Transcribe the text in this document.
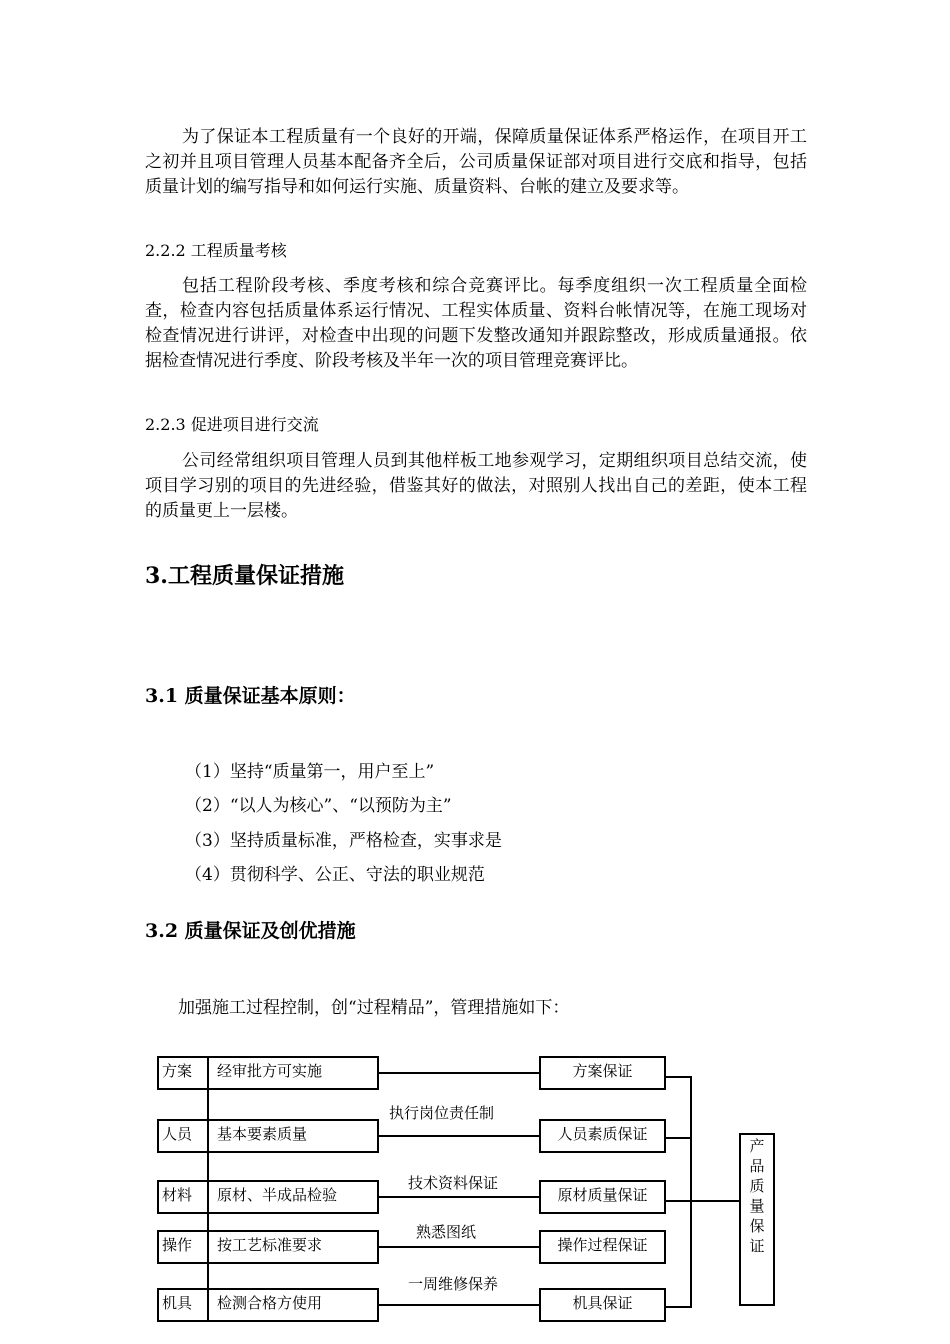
为了保证本工程质量有一个良好的开端，保障质量保证体系严格运作，在项目开工之初并且项目管理人员基本配备齐全后，公司质量保证部对项目进行交底和指导，包括质量计划的编写指导和如何运行实施、质量资料、台帐的建立及要求等。

2.2.2 工程质量考核

包括工程阶段考核、季度考核和综合竞赛评比。每季度组织一次工程质量全面检查，检查内容包括质量体系运行情况、工程实体质量、资料台帐情况等，在施工现场对检查情况进行讲评，对检查中出现的问题下发整改通知并跟踪整改，形成质量通报。依据检查情况进行季度、阶段考核及半年一次的项目管理竞赛评比。

2.2.3 促进项目进行交流

公司经常组织项目管理人员到其他样板工地参观学习，定期组织项目总结交流，使项目学习别的项目的先进经验，借鉴其好的做法，对照别人找出自己的差距，使本工程的质量更上一层楼。

3.工程质量保证措施
3.1 质量保证基本原则：
（1）坚持“质量第一，用户至上”
（2）“以人为核心”、“以预防为主”
（3）坚持质量标准，严格检查，实事求是
（4）贯彻科学、公正、守法的职业规范
3.2 质量保证及创优措施
加强施工过程控制，创“过程精品”，管理措施如下：
方案 经审批方可实施	方案保证
执行岗位责任制
人员 基本要素质量	人员素质保证
技术资料保证
材料 原材、半成品检验	原材质量保证
熟悉图纸
操作 按工艺标准要求	操作过程保证
一周维修保养
机具 检测合格方使用	机具保证
产
品
质
量
保
证
